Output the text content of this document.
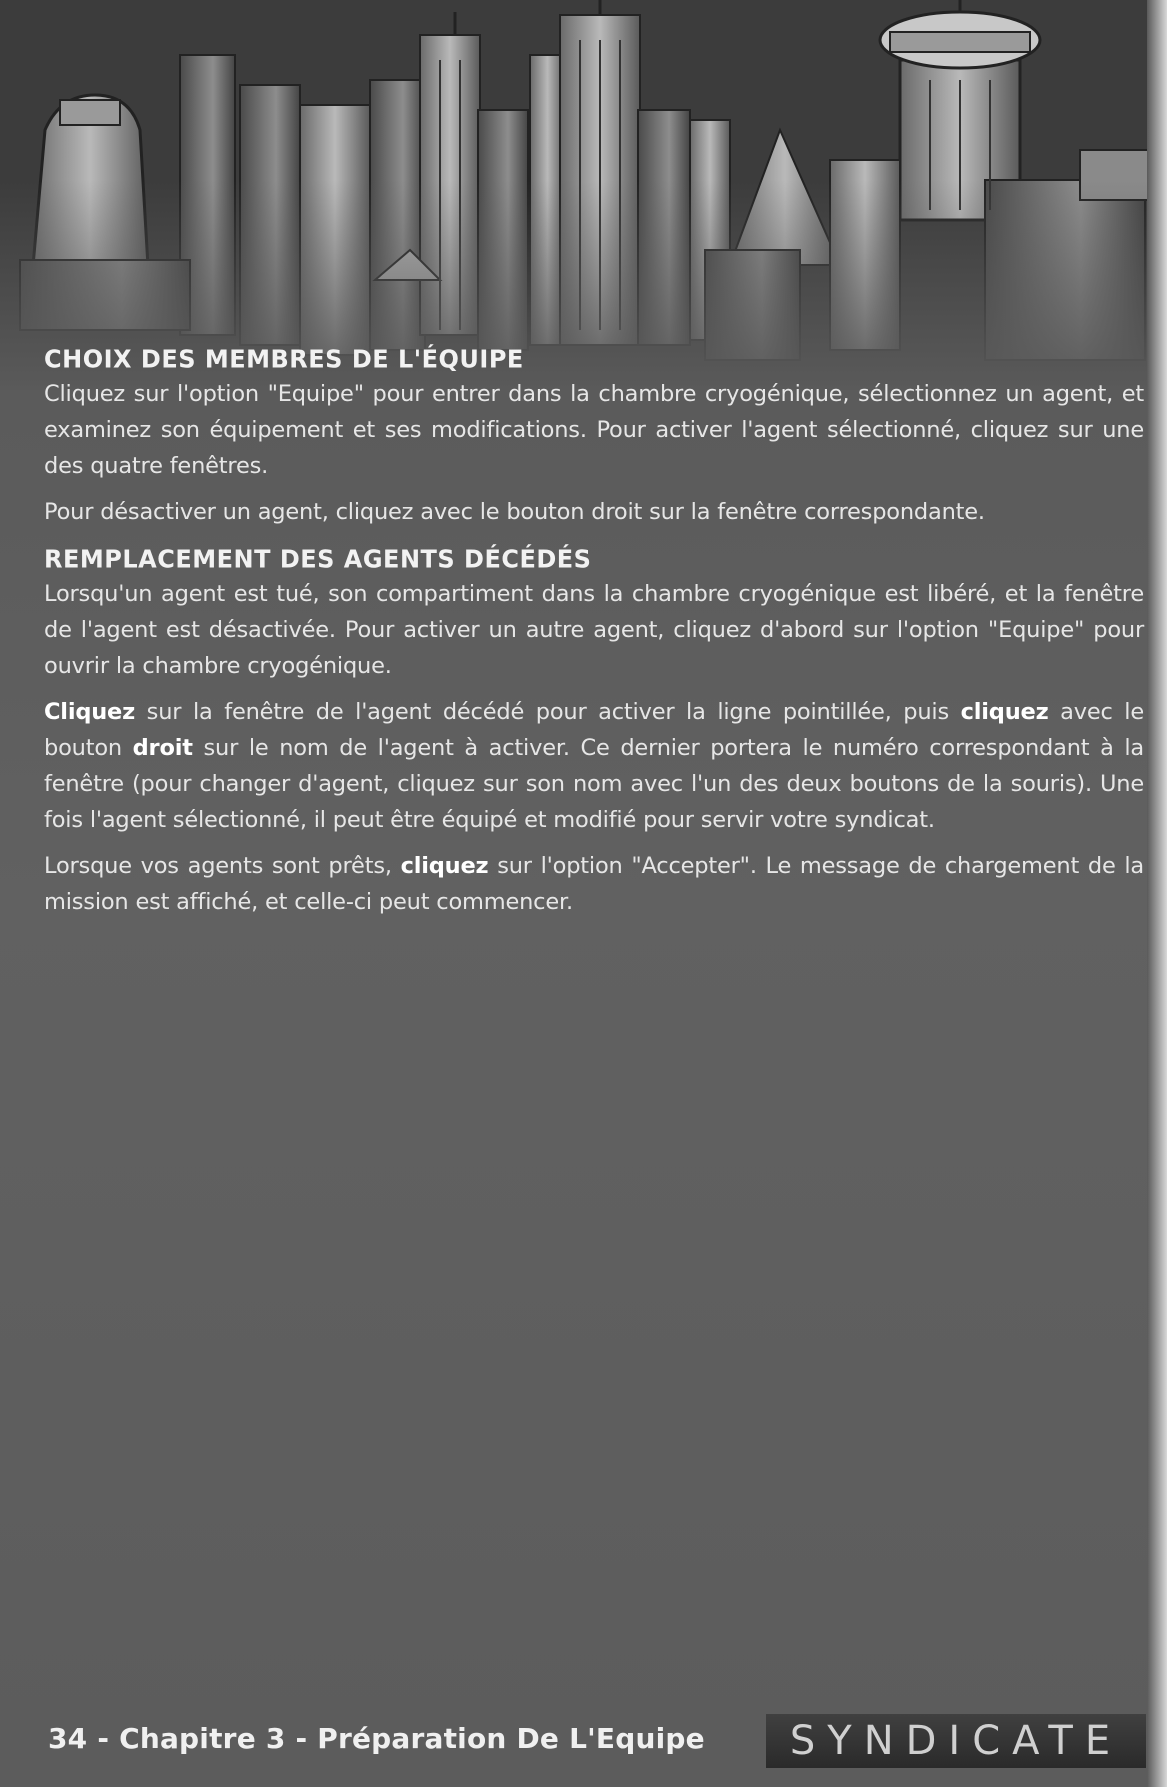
CHOIX DES MEMBRES DE L'ÉQUIPE

Cliquez sur l'option "Equipe" pour entrer dans la chambre cryogénique, sélectionnez un agent, et examinez son équipement et ses modifications. Pour activer l'agent sélectionné, cliquez sur une des quatre fenêtres.

Pour désactiver un agent, cliquez avec le bouton droit sur la fenêtre correspondante.

REMPLACEMENT DES AGENTS DÉCÉDÉS

Lorsqu'un agent est tué, son compartiment dans la chambre cryogénique est libéré, et la fenêtre de l'agent est désactivée. Pour activer un autre agent, cliquez d'abord sur l'option "Equipe" pour ouvrir la chambre cryogénique.

Cliquez sur la fenêtre de l'agent décédé pour activer la ligne pointillée, puis cliquez avec le bouton droit sur le nom de l'agent à activer. Ce dernier portera le numéro correspondant à la fenêtre (pour changer d'agent, cliquez sur son nom avec l'un des deux boutons de la souris). Une fois l'agent sélectionné, il peut être équipé et modifié pour servir votre syndicat.

Lorsque vos agents sont prêts, cliquez sur l'option "Accepter". Le message de chargement de la mission est affiché, et celle-ci peut commencer.

34 - Chapitre 3 - Préparation De L'Equipe	SYNDICATE
